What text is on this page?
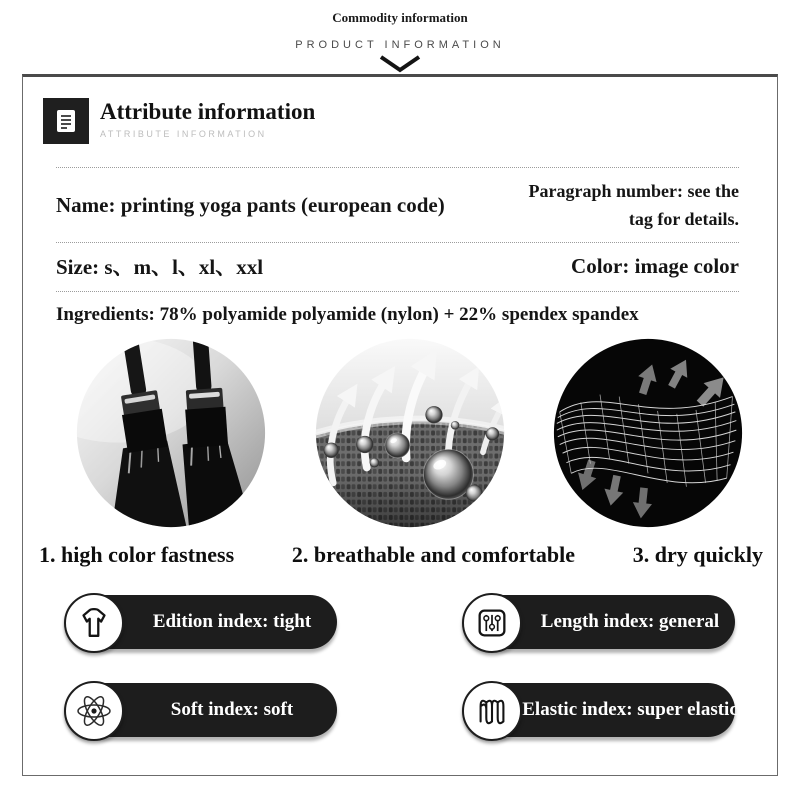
Commodity information
PRODUCT INFORMATION
Attribute information
ATTRIBUTE INFORMATION
Name: printing yoga pants (european code)
Paragraph number: see the tag for details.
Size: s、m、l、xl、xxl	Color: image color
Ingredients: 78% polyamide polyamide (nylon) + 22% spendex spandex
1. high color fastness	2. breathable and comfortable	3. dry quickly
Edition index: tight	Length index: general
Soft index: soft	Elastic index: super elastic
